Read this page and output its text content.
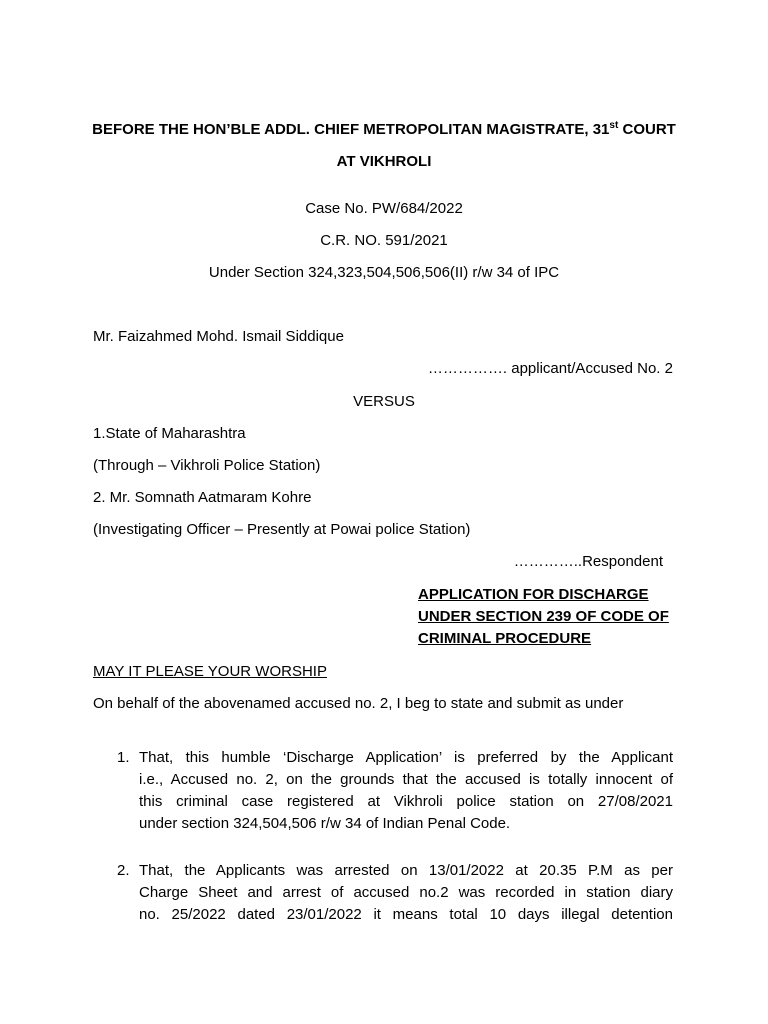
BEFORE THE HON’BLE ADDL. CHIEF METROPOLITAN MAGISTRATE, 31st COURT
AT VIKHROLI
Case No. PW/684/2022
C.R. NO. 591/2021
Under Section 324,323,504,506,506(II) r/w 34 of IPC
Mr. Faizahmed Mohd. Ismail Siddique
……………. applicant/Accused No. 2
VERSUS
1.State of Maharashtra
(Through – Vikhroli Police Station)
2. Mr. Somnath Aatmaram Kohre
(Investigating Officer – Presently at Powai police Station)
…………..Respondent
APPLICATION FOR DISCHARGE
UNDER SECTION 239 OF CODE OF
CRIMINAL PROCEDURE
MAY IT PLEASE YOUR WORSHIP
On behalf of the abovenamed accused no. 2, I beg to state and submit as under
1. That, this humble ‘Discharge Application’ is preferred by the Applicant
i.e., Accused no. 2, on the grounds that the accused is totally innocent of
this criminal case registered at Vikhroli police station on 27/08/2021
under section 324,504,506 r/w 34 of Indian Penal Code.
2. That, the Applicants was arrested on 13/01/2022 at 20.35 P.M as per
Charge Sheet and arrest of accused no.2 was recorded in station diary
no. 25/2022 dated 23/01/2022 it means total 10 days illegal detention
